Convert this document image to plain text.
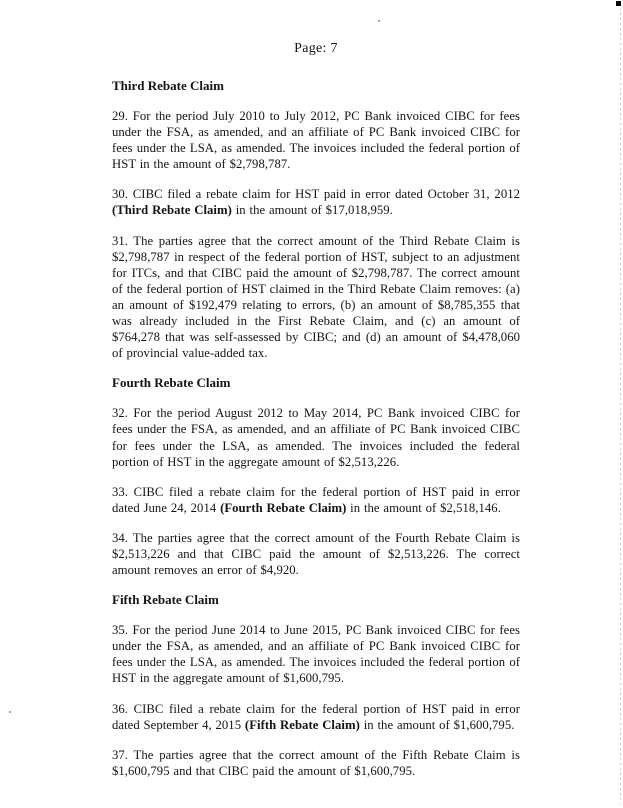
Page: 7
Third Rebate Claim

29. For the period July 2010 to July 2012, PC Bank invoiced CIBC for fees under the FSA, as amended, and an affiliate of PC Bank invoiced CIBC for fees under the LSA, as amended. The invoices included the federal portion of HST in the amount of $2,798,787.

30. CIBC filed a rebate claim for HST paid in error dated October 31, 2012 (Third Rebate Claim) in the amount of $17,018,959.

31. The parties agree that the correct amount of the Third Rebate Claim is $2,798,787 in respect of the federal portion of HST, subject to an adjustment for ITCs, and that CIBC paid the amount of $2,798,787. The correct amount of the federal portion of HST claimed in the Third Rebate Claim removes: (a) an amount of $192,479 relating to errors, (b) an amount of $8,785,355 that was already included in the First Rebate Claim, and (c) an amount of $764,278 that was self-assessed by CIBC; and (d) an amount of $4,478,060 of provincial value-added tax.

Fourth Rebate Claim

32. For the period August 2012 to May 2014, PC Bank invoiced CIBC for fees under the FSA, as amended, and an affiliate of PC Bank invoiced CIBC for fees under the LSA, as amended. The invoices included the federal portion of HST in the aggregate amount of $2,513,226.

33. CIBC filed a rebate claim for the federal portion of HST paid in error dated June 24, 2014 (Fourth Rebate Claim) in the amount of $2,518,146.

34. The parties agree that the correct amount of the Fourth Rebate Claim is $2,513,226 and that CIBC paid the amount of $2,513,226. The correct amount removes an error of $4,920.

Fifth Rebate Claim

35. For the period June 2014 to June 2015, PC Bank invoiced CIBC for fees under the FSA, as amended, and an affiliate of PC Bank invoiced CIBC for fees under the LSA, as amended. The invoices included the federal portion of HST in the aggregate amount of $1,600,795.

36. CIBC filed a rebate claim for the federal portion of HST paid in error dated September 4, 2015 (Fifth Rebate Claim) in the amount of $1,600,795.

37. The parties agree that the correct amount of the Fifth Rebate Claim is $1,600,795 and that CIBC paid the amount of $1,600,795.
